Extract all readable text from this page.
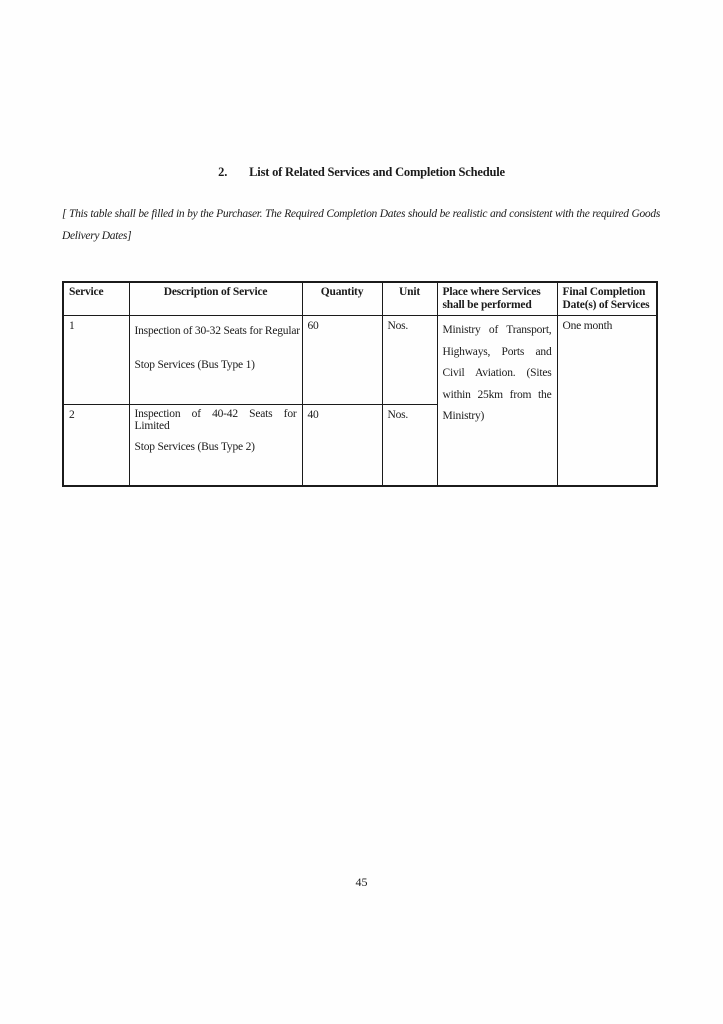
2. List of Related Services and Completion Schedule

[ This table shall be filled in by the Purchaser. The Required Completion Dates should be realistic and consistent with the required Goods Delivery Dates]

Service	Description of Service	Quantity	Unit	Place where Services shall be performed	Final Completion Date(s) of Services
1	Inspection of 30-32 Seats for Regular
Stop Services (Bus Type 1)	60	Nos.	Ministry of Transport, Highways, Ports and Civil Aviation. (Sites within 25km from the Ministry)	One month
2	Inspection of 40-42 Seats for Limited
Stop Services (Bus Type 2)	40	Nos.		
45
